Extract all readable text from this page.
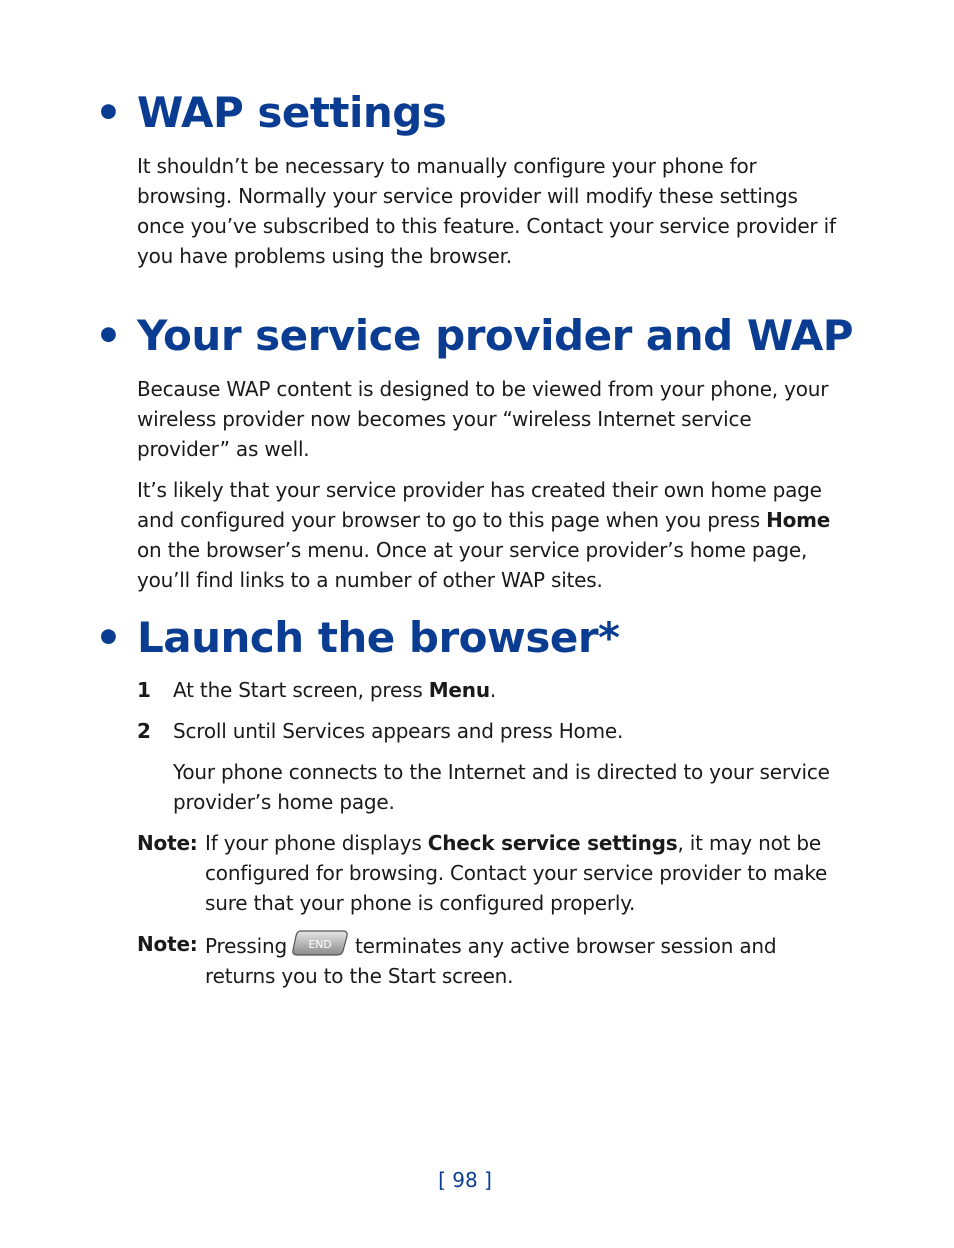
• WAP settings

It shouldn’t be necessary to manually configure your phone for browsing. Normally your service provider will modify these settings once you’ve subscribed to this feature. Contact your service provider if you have problems using the browser.

• Your service provider and WAP

Because WAP content is designed to be viewed from your phone, your wireless provider now becomes your “wireless Internet service provider” as well.

It’s likely that your service provider has created their own home page and configured your browser to go to this page when you press Home on the browser’s menu. Once at your service provider’s home page, you’ll find links to a number of other WAP sites.

• Launch the browser*
1 At the Start screen, press Menu.
2 Scroll until Services appears and press Home.

Your phone connects to the Internet and is directed to your service provider’s home page.

Note: If your phone displays Check service settings, it may not be configured for browsing. Contact your service provider to make sure that your phone is configured properly.
Note: Pressing END terminates any active browser session and returns you to the Start screen.
[ 98 ]
